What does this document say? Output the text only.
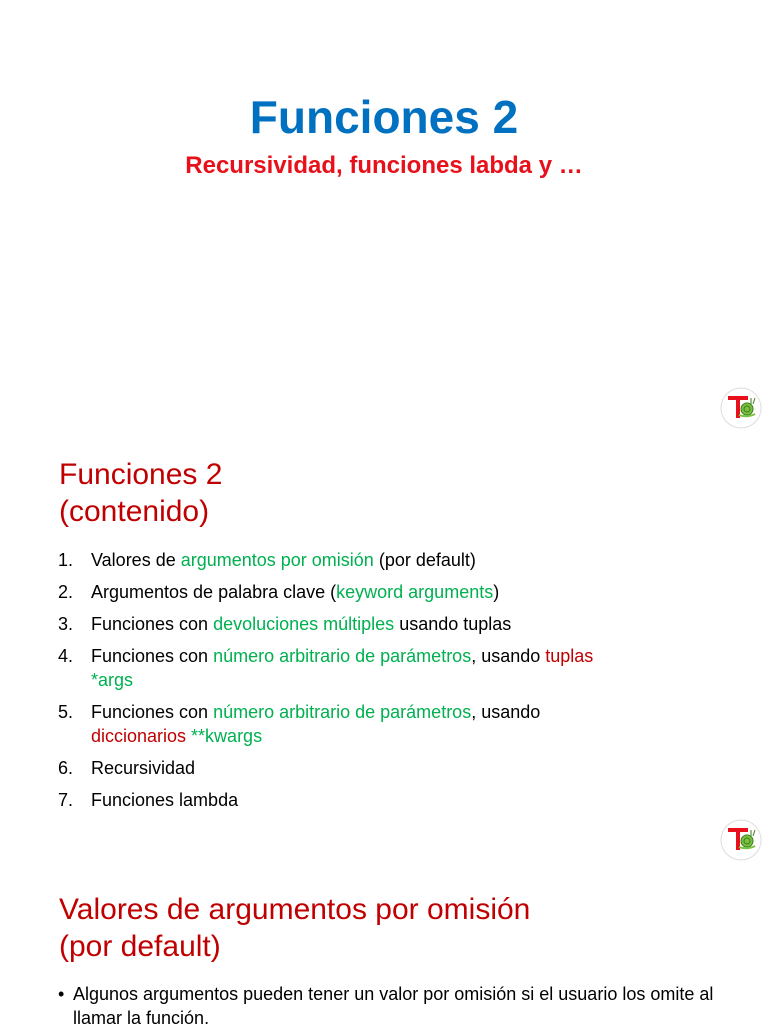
Funciones 2
Recursividad, funciones labda y …
Funciones 2
(contenido)
1. Valores de argumentos por omisión (por default)
2. Argumentos de palabra clave (keyword arguments)
3. Funciones con devoluciones múltiples usando tuplas
4. Funciones con número arbitrario de parámetros, usando tuplas
*args
5. Funciones con número arbitrario de parámetros, usando
diccionarios **kwargs
6. Recursividad
7. Funciones lambda
Valores de argumentos por omisión
(por default)
• Algunos argumentos pueden tener un valor por omisión si el usuario los omite al llamar la función.
